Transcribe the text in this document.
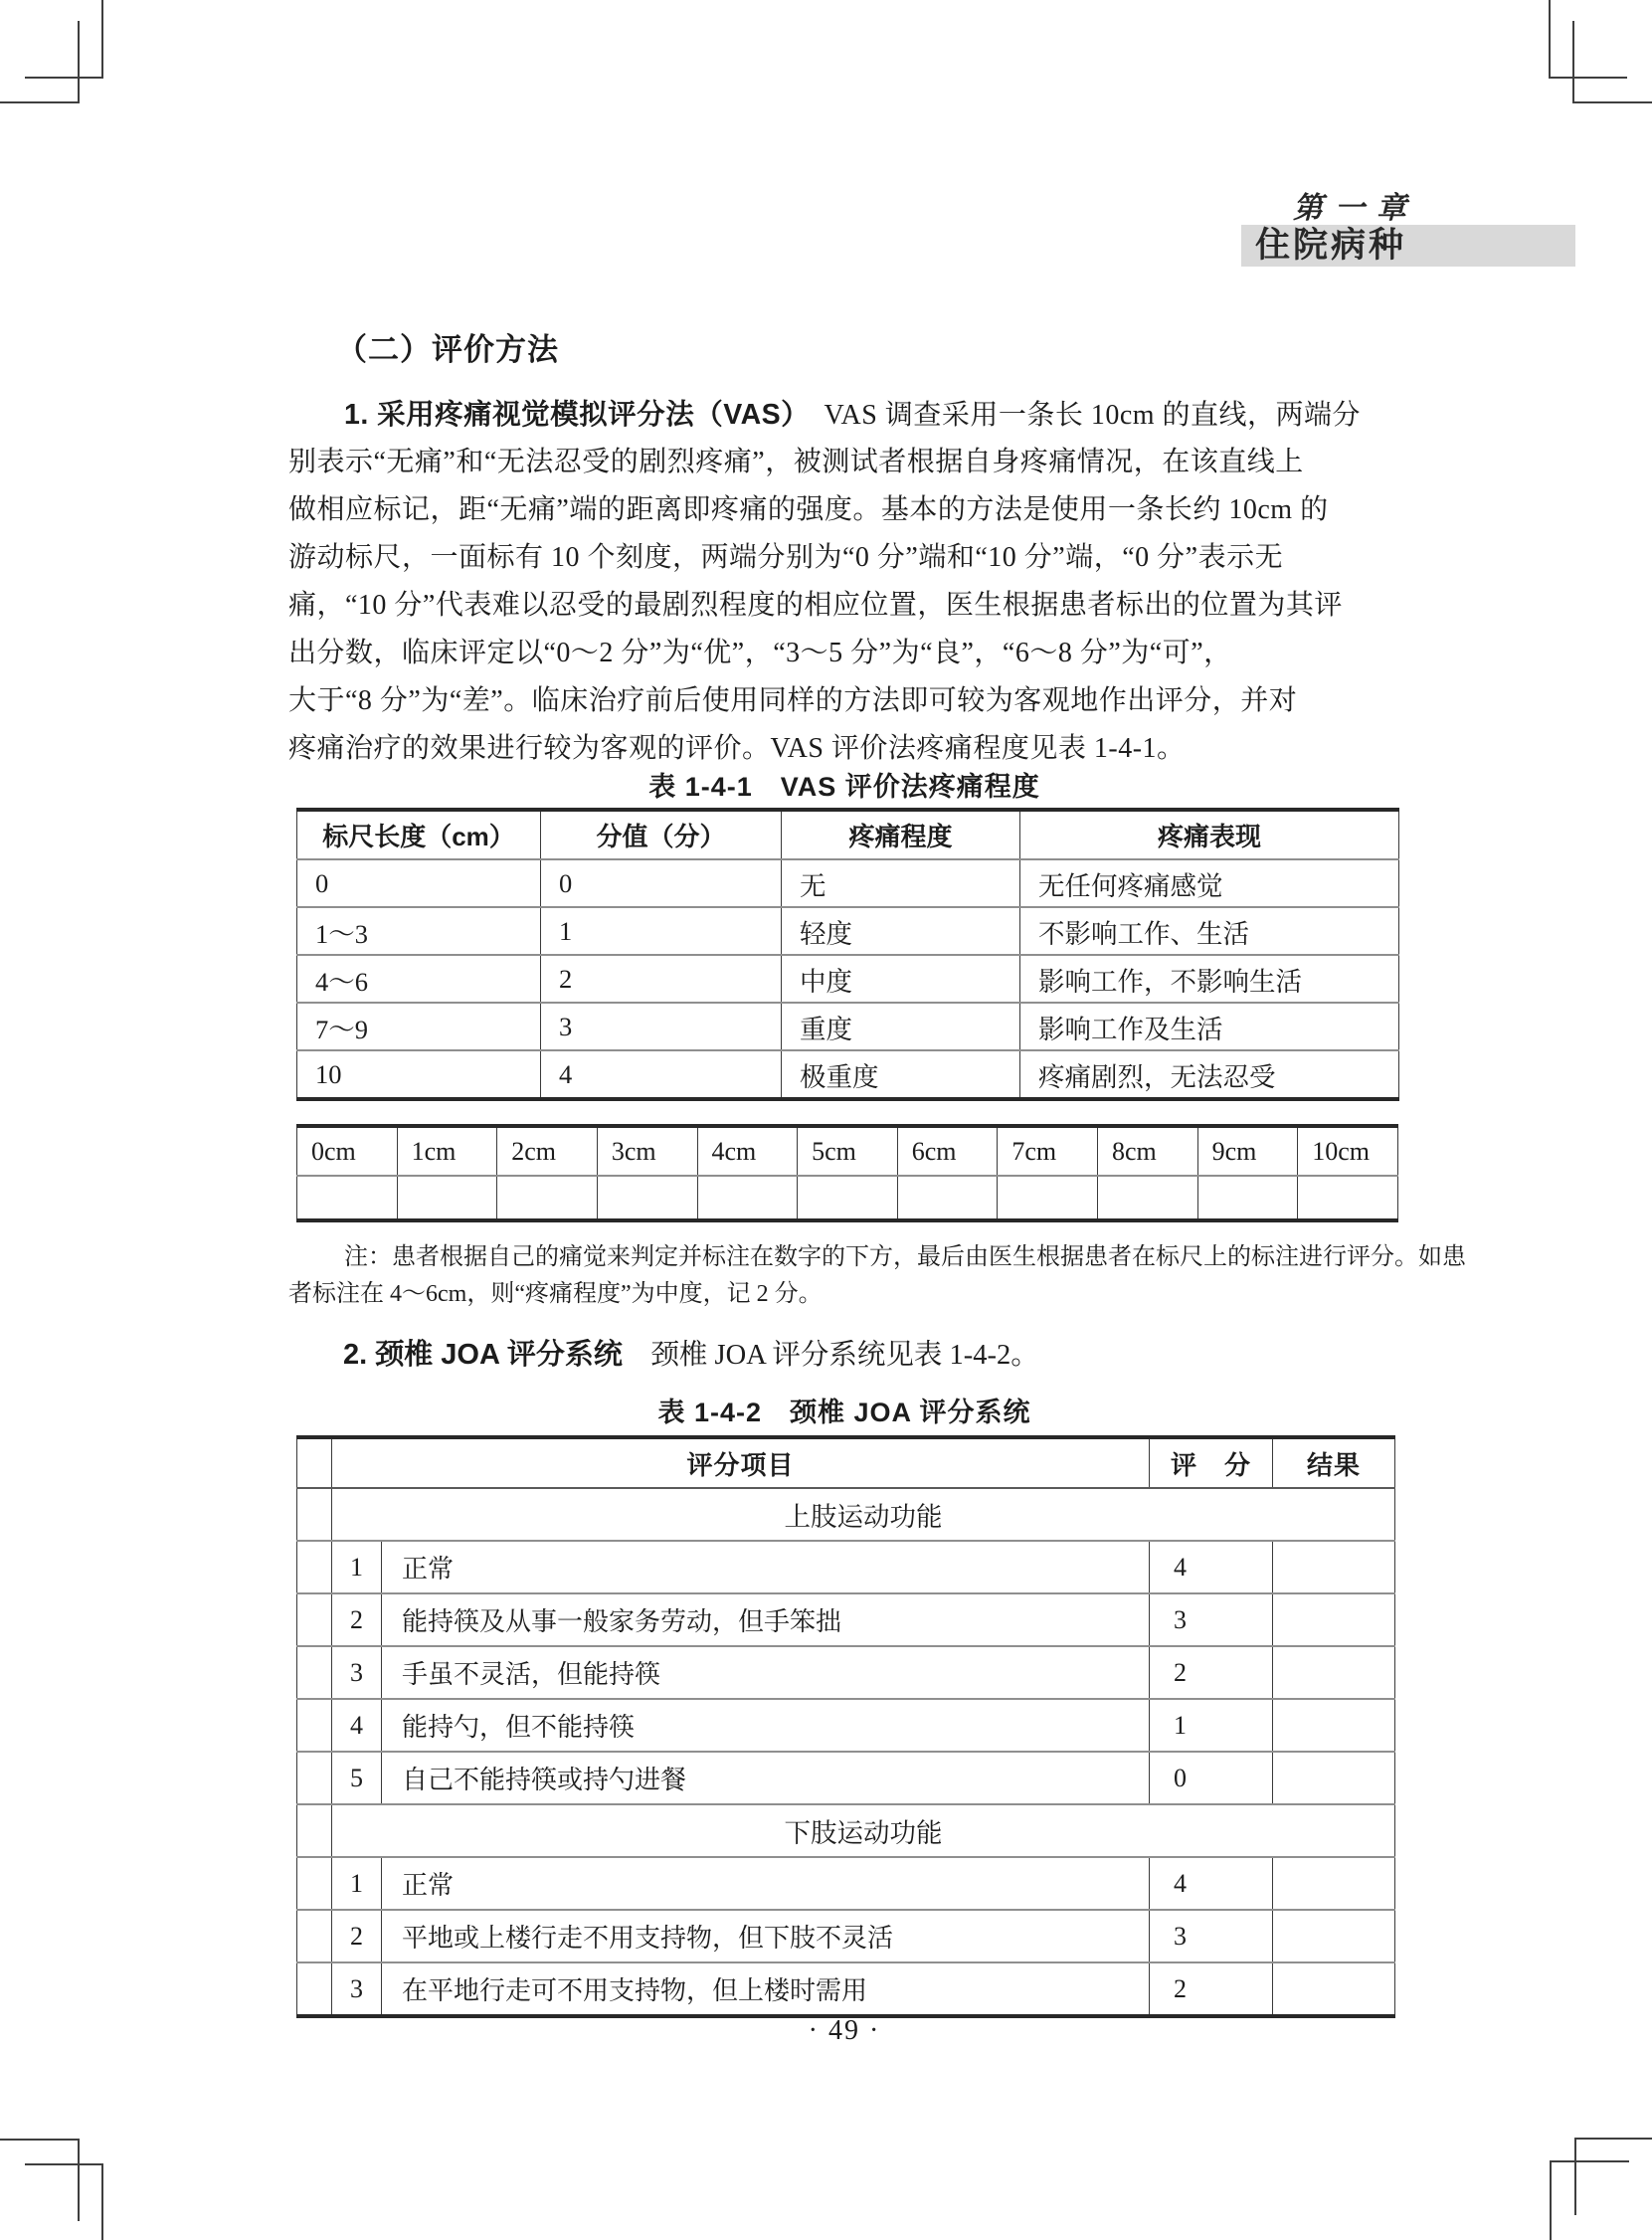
第一章
住院病种
（二）评价方法
1. 采用疼痛视觉模拟评分法（VAS）　VAS 调查采用一条长 10cm 的直线，两端分
别表示“无痛”和“无法忍受的剧烈疼痛”，被测试者根据自身疼痛情况，在该直线上
做相应标记，距“无痛”端的距离即疼痛的强度。基本的方法是使用一条长约 10cm 的
游动标尺，一面标有 10 个刻度，两端分别为“0 分”端和“10 分”端，“0 分”表示无
痛，“10 分”代表难以忍受的最剧烈程度的相应位置，医生根据患者标出的位置为其评
出分数，临床评定以“0～2 分”为“优”，“3～5 分”为“良”，“6～8 分”为“可”，
大于“8 分”为“差”。临床治疗前后使用同样的方法即可较为客观地作出评分，并对
疼痛治疗的效果进行较为客观的评价。VAS 评价法疼痛程度见表 1-4-1。
表 1-4-1　VAS 评价法疼痛程度
标尺长度（cm）	分值（分）	疼痛程度	疼痛表现
0	0	无	无任何疼痛感觉
1～3	1	轻度	不影响工作、生活
4～6	2	中度	影响工作，不影响生活
7～9	3	重度	影响工作及生活
10	4	极重度	疼痛剧烈，无法忍受
0cm	1cm	2cm	3cm	4cm	5cm	6cm	7cm	8cm	9cm	10cm

注：患者根据自己的痛觉来判定并标注在数字的下方，最后由医生根据患者在标尺上的标注进行评分。如患
者标注在 4～6cm，则“疼痛程度”为中度，记 2 分。
2. 颈椎 JOA 评分系统　颈椎 JOA 评分系统见表 1-4-2。
表 1-4-2　颈椎 JOA 评分系统
	评分项目		评　分	结果
	上肢运动功能			
	1	正常	4	
	2	能持筷及从事一般家务劳动，但手笨拙	3	
	3	手虽不灵活，但能持筷	2	
	4	能持勺，但不能持筷	1	
	5	自己不能持筷或持勺进餐	0	
	下肢运动功能			
	1	正常	4	
	2	平地或上楼行走不用支持物，但下肢不灵活	3	
	3	在平地行走可不用支持物，但上楼时需用	2	
· 49 ·
